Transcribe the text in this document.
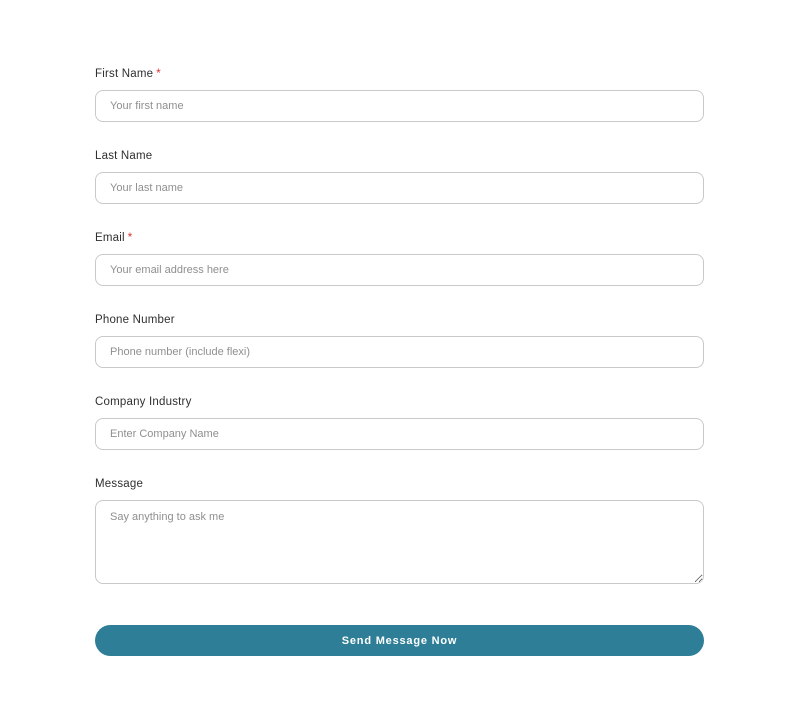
First Name *
Your first name
Last Name
Your last name
Email *
Your email address here
Phone Number
Phone number (include flexi)
Company Industry
Enter Company Name
Message
Say anything to ask me
Send Message Now
